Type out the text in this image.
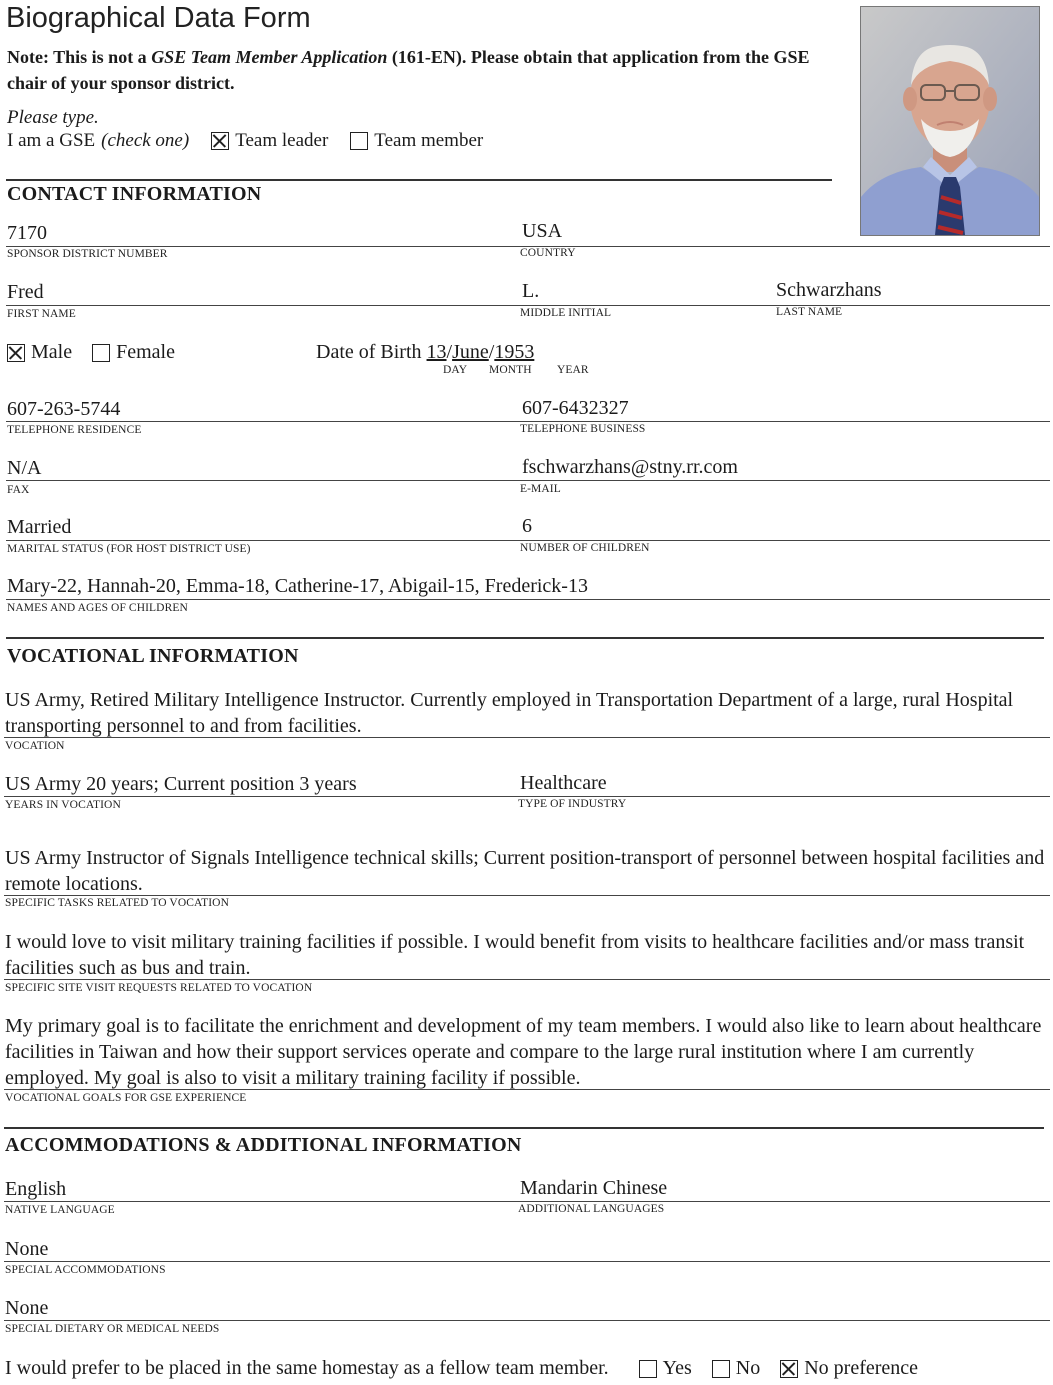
Biographical Data Form
Note: This is not a GSE Team Member Application (161-EN). Please obtain that application from the GSE chair of your sponsor district.
Please type.
I am a GSE (check one) Team leader Team member
CONTACT INFORMATION
7170	USA
SPONSOR DISTRICT NUMBER	COUNTRY
Fred	L.	Schwarzhans
FIRST NAME	MIDDLE INITIAL	LAST NAME
Male Female	Date of Birth 13/June/1953
DAY MONTH YEAR
607-263-5744	607-6432327
TELEPHONE RESIDENCE	TELEPHONE BUSINESS
N/A	fschwarzhans@stny.rr.com
FAX	E-MAIL
Married	6
MARITAL STATUS (FOR HOST DISTRICT USE)	NUMBER OF CHILDREN
Mary-22, Hannah-20, Emma-18, Catherine-17, Abigail-15, Frederick-13
NAMES AND AGES OF CHILDREN
VOCATIONAL INFORMATION
US Army, Retired Military Intelligence Instructor. Currently employed in Transportation Department of a large, rural Hospital transporting personnel to and from facilities.
VOCATION
US Army 20 years; Current position 3 years	Healthcare
YEARS IN VOCATION	TYPE OF INDUSTRY
US Army Instructor of Signals Intelligence technical skills; Current position-transport of personnel between hospital facilities and remote locations.
SPECIFIC TASKS RELATED TO VOCATION
I would love to visit military training facilities if possible. I would benefit from visits to healthcare facilities and/or mass transit facilities such as bus and train.
SPECIFIC SITE VISIT REQUESTS RELATED TO VOCATION
My primary goal is to facilitate the enrichment and development of my team members. I would also like to learn about healthcare facilities in Taiwan and how their support services operate and compare to the large rural institution where I am currently employed. My goal is also to visit a military training facility if possible.
VOCATIONAL GOALS FOR GSE EXPERIENCE
ACCOMMODATIONS & ADDITIONAL INFORMATION
English	Mandarin Chinese
NATIVE LANGUAGE	ADDITIONAL LANGUAGES
None
SPECIAL ACCOMMODATIONS
None
SPECIAL DIETARY OR MEDICAL NEEDS
I would prefer to be placed in the same homestay as a fellow team member.	Yes No No preference
